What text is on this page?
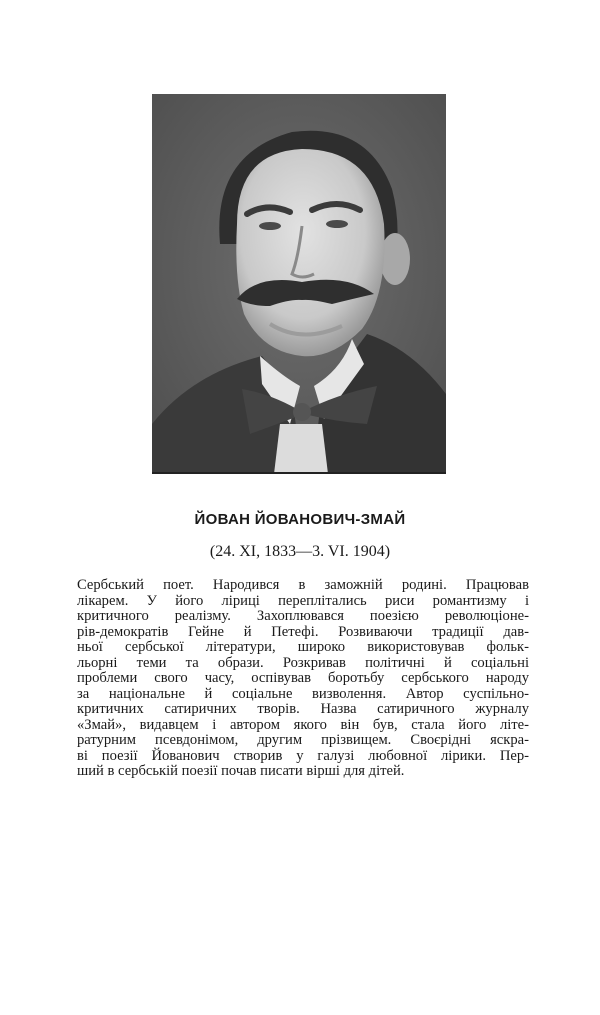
ЙОВАН ЙОВАНОВИЧ-ЗМАЙ
(24. XI, 1833—3. VI. 1904)
Сербський поет. Народився в заможній родині. Працював
лікарем. У його ліриці переплітались риси романтизму і
критичного реалізму. Захоплювався поезією революціоне-
рів-демократів Гейне й Петефі. Розвиваючи традиції дав-
ньої сербської літератури, широко використовував фольк-
льорні теми та образи. Розкривав політичні й соціальні
проблеми свого часу, оспівував боротьбу сербського народу
за національне й соціальне визволення. Автор суспільно-
критичних сатиричних творів. Назва сатиричного журналу
«Змай», видавцем і автором якого він був, стала його літе-
ратурним псевдонімом, другим прізвищем. Своєрідні яскра-
ві поезії Йованович створив у галузі любовної лірики. Пер-
ший в сербській поезії почав писати вірші для дітей.
